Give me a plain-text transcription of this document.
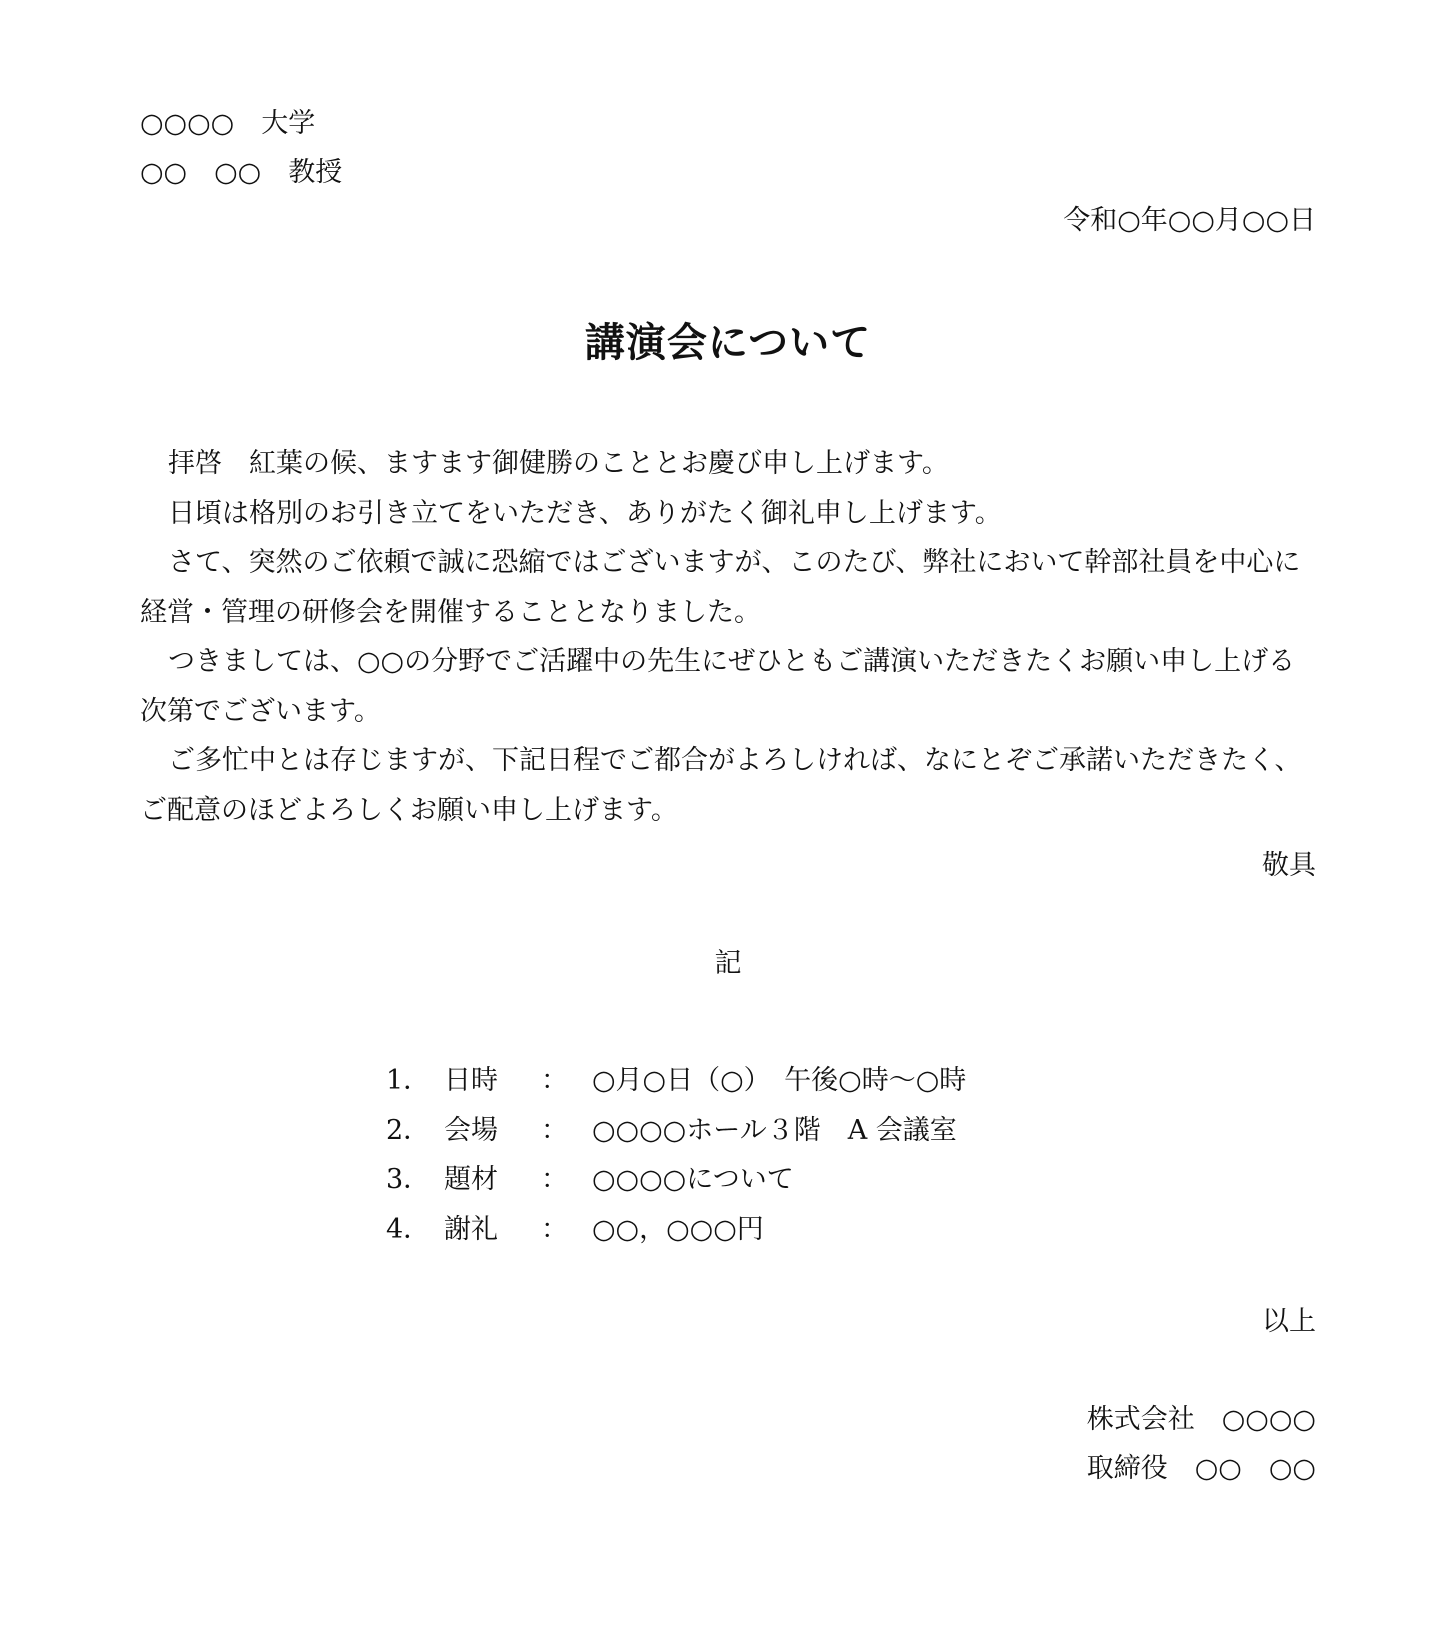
○○○○　大学
○○　○○　教授
令和○年○○月○○日
講演会について

拝啓　紅葉の候、ますます御健勝のこととお慶び申し上げます。

日頃は格別のお引き立てをいただき、ありがたく御礼申し上げます。

さて、突然のご依頼で誠に恐縮ではございますが、このたび、弊社において幹部社員を中心に経営・管理の研修会を開催することとなりました。

つきましては、○○の分野でご活躍中の先生にぜひともご講演いただきたくお願い申し上げる次第でございます。

ご多忙中とは存じますが、下記日程でご都合がよろしければ、なにとぞご承諾いただきたく、ご配意のほどよろしくお願い申し上げます。

敬具
記
1． 日時 ： ○月○日（○）　午後○時～○時
2． 会場 ： ○○○○ホール３階　A 会議室
3． 題材 ： ○○○○について
4． 謝礼 ： ○○，○○○円
以上
株式会社　○○○○
取締役　○○　○○
